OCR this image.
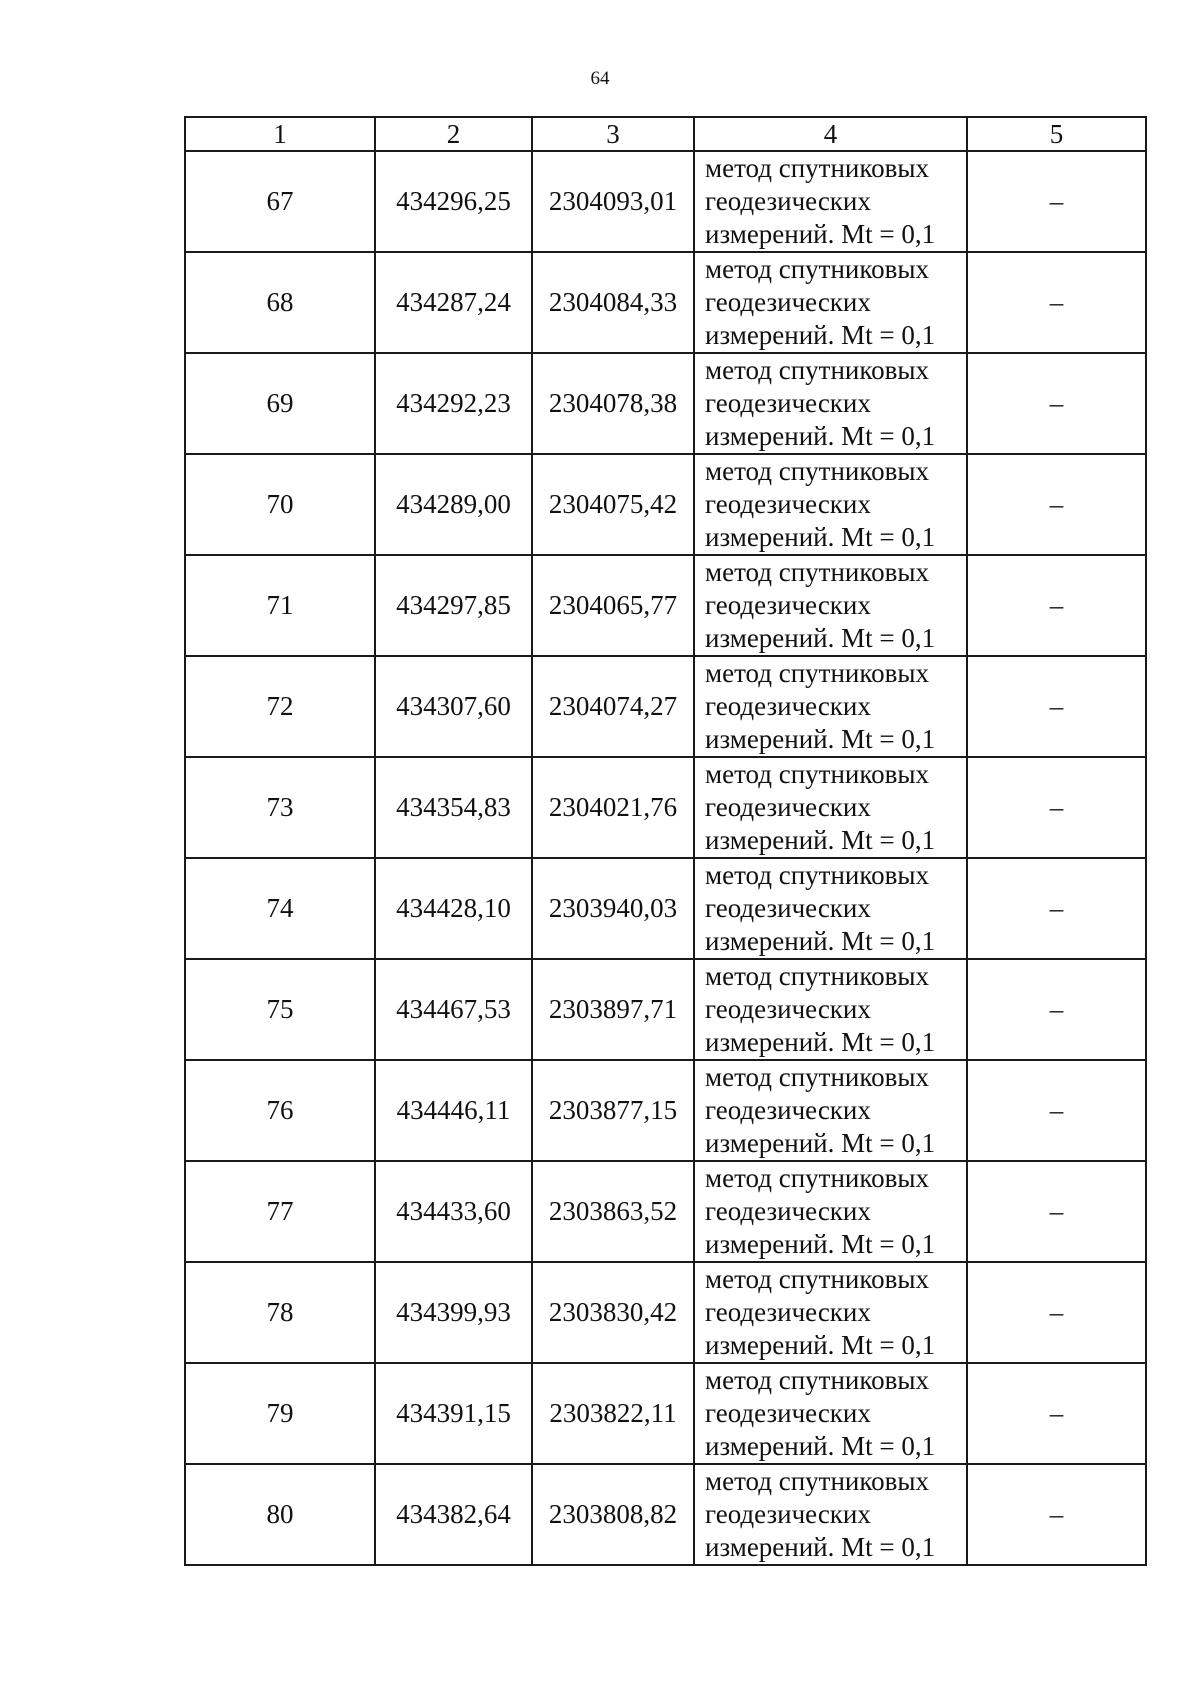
64
1	2	3	4	5
67	434296,25	2304093,01	метод спутниковых
геодезических
измерений. Mt = 0,1	–
68	434287,24	2304084,33	метод спутниковых
геодезических
измерений. Mt = 0,1	–
69	434292,23	2304078,38	метод спутниковых
геодезических
измерений. Mt = 0,1	–
70	434289,00	2304075,42	метод спутниковых
геодезических
измерений. Mt = 0,1	–
71	434297,85	2304065,77	метод спутниковых
геодезических
измерений. Mt = 0,1	–
72	434307,60	2304074,27	метод спутниковых
геодезических
измерений. Mt = 0,1	–
73	434354,83	2304021,76	метод спутниковых
геодезических
измерений. Mt = 0,1	–
74	434428,10	2303940,03	метод спутниковых
геодезических
измерений. Mt = 0,1	–
75	434467,53	2303897,71	метод спутниковых
геодезических
измерений. Mt = 0,1	–
76	434446,11	2303877,15	метод спутниковых
геодезических
измерений. Mt = 0,1	–
77	434433,60	2303863,52	метод спутниковых
геодезических
измерений. Mt = 0,1	–
78	434399,93	2303830,42	метод спутниковых
геодезических
измерений. Mt = 0,1	–
79	434391,15	2303822,11	метод спутниковых
геодезических
измерений. Mt = 0,1	–
80	434382,64	2303808,82	метод спутниковых
геодезических
измерений. Mt = 0,1	–
